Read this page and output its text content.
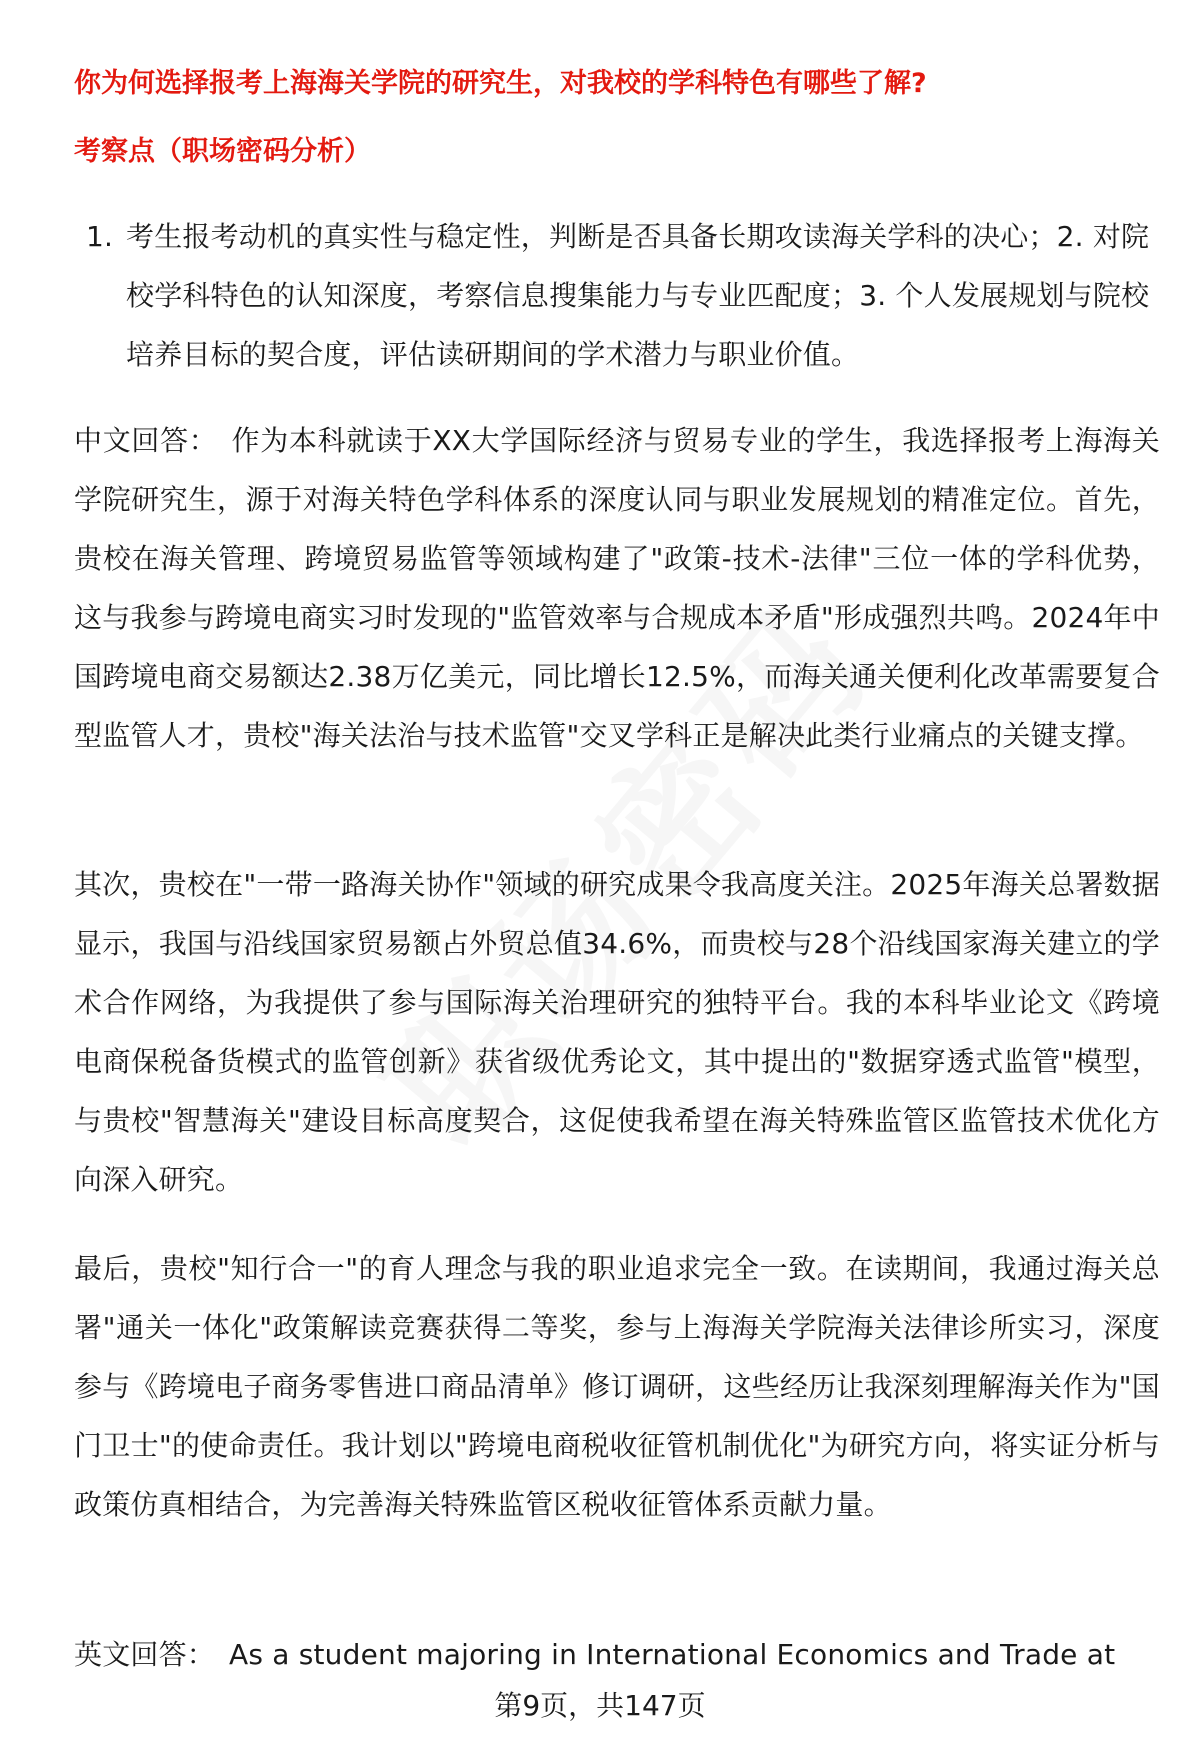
你为何选择报考上海海关学院的研究生，对我校的学科特色有哪些了解?
考察点（职场密码分析）
1. 考生报考动机的真实性与稳定性，判断是否具备长期攻读海关学科的决心；2. 对院校学科特色的认知深度，考察信息搜集能力与专业匹配度；3. 个人发展规划与院校培养目标的契合度，评估读研期间的学术潜力与职业价值。

中文回答： 作为本科就读于XX大学国际经济与贸易专业的学生，我选择报考上海海关学院研究生，源于对海关特色学科体系的深度认同与职业发展规划的精准定位。首先，贵校在海关管理、跨境贸易监管等领域构建了"政策-技术-法律"三位一体的学科优势，这与我参与跨境电商实习时发现的"监管效率与合规成本矛盾"形成强烈共鸣。2024年中国跨境电商交易额达2.38万亿美元，同比增长12.5%，而海关通关便利化改革需要复合型监管人才，贵校"海关法治与技术监管"交叉学科正是解决此类行业痛点的关键支撑。

其次，贵校在"一带一路海关协作"领域的研究成果令我高度关注。2025年海关总署数据显示，我国与沿线国家贸易额占外贸总值34.6%，而贵校与28个沿线国家海关建立的学术合作网络，为我提供了参与国际海关治理研究的独特平台。我的本科毕业论文《跨境电商保税备货模式的监管创新》获省级优秀论文，其中提出的"数据穿透式监管"模型，与贵校"智慧海关"建设目标高度契合，这促使我希望在海关特殊监管区监管技术优化方向深入研究。

最后，贵校"知行合一"的育人理念与我的职业追求完全一致。在读期间，我通过海关总署"通关一体化"政策解读竞赛获得二等奖，参与上海海关学院海关法律诊所实习，深度参与《跨境电子商务零售进口商品清单》修订调研，这些经历让我深刻理解海关作为"国门卫士"的使命责任。我计划以"跨境电商税收征管机制优化"为研究方向，将实证分析与政策仿真相结合，为完善海关特殊监管区税收征管体系贡献力量。

英文回答： As a student majoring in International Economics and Trade at

第9页，共147页
